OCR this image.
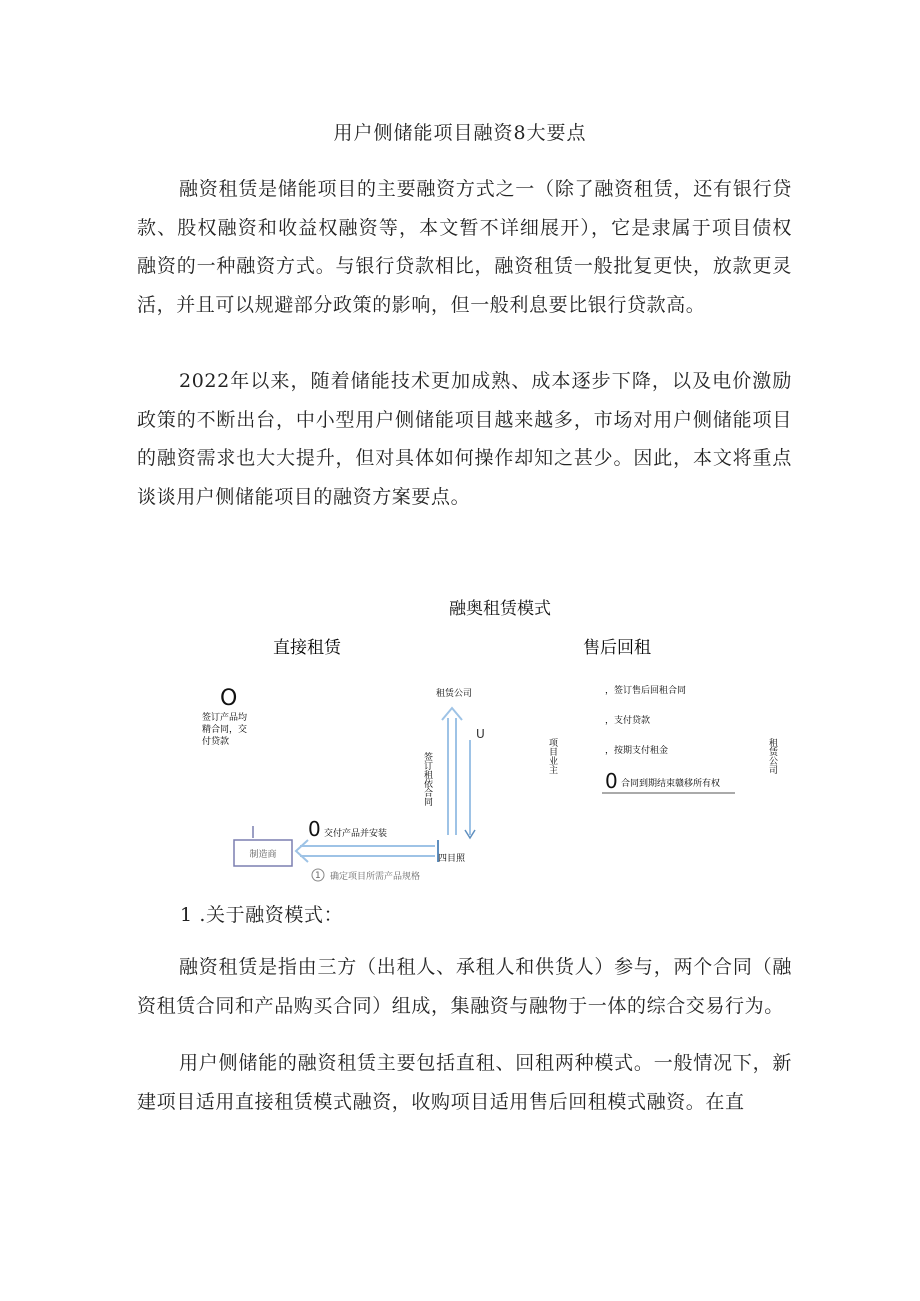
用户侧储能项目融资8大要点

融资租赁是储能项目的主要融资方式之一（除了融资租赁，还有银行贷款、股权融资和收益权融资等，本文暂不详细展开），它是隶属于项目债权融资的一种融资方式。与银行贷款相比，融资租赁一般批复更快，放款更灵活，并且可以规避部分政策的影响，但一般利息要比银行贷款高。

2022年以来，随着储能技术更加成熟、成本逐步下降，以及电价激励政策的不断出台，中小型用户侧储能项目越来越多，市场对用户侧储能项目的融资需求也大大提升，但对具体如何操作却知之甚少。因此，本文将重点谈谈用户侧储能项目的融资方案要点。

融奥租赁模式
直接租赁	售后回租
O
签订产品均
精合同，交
付贷款
租赁公司
U
签订租依合同
0 交付产品并安装
制造商	四目照
1 确定项目所需产品规格
，签订售后回租合同
，支付贷款
，按期支付租金
0 合同到期结束赣移所有权
项目业主	租赁公司
1 .关于融资模式：

融资租赁是指由三方（出租人、承租人和供货人）参与，两个合同（融资租赁合同和产品购买合同）组成，集融资与融物于一体的综合交易行为。

用户侧储能的融资租赁主要包括直租、回租两种模式。一般情况下，新建项目适用直接租赁模式融资，收购项目适用售后回租模式融资。在直
